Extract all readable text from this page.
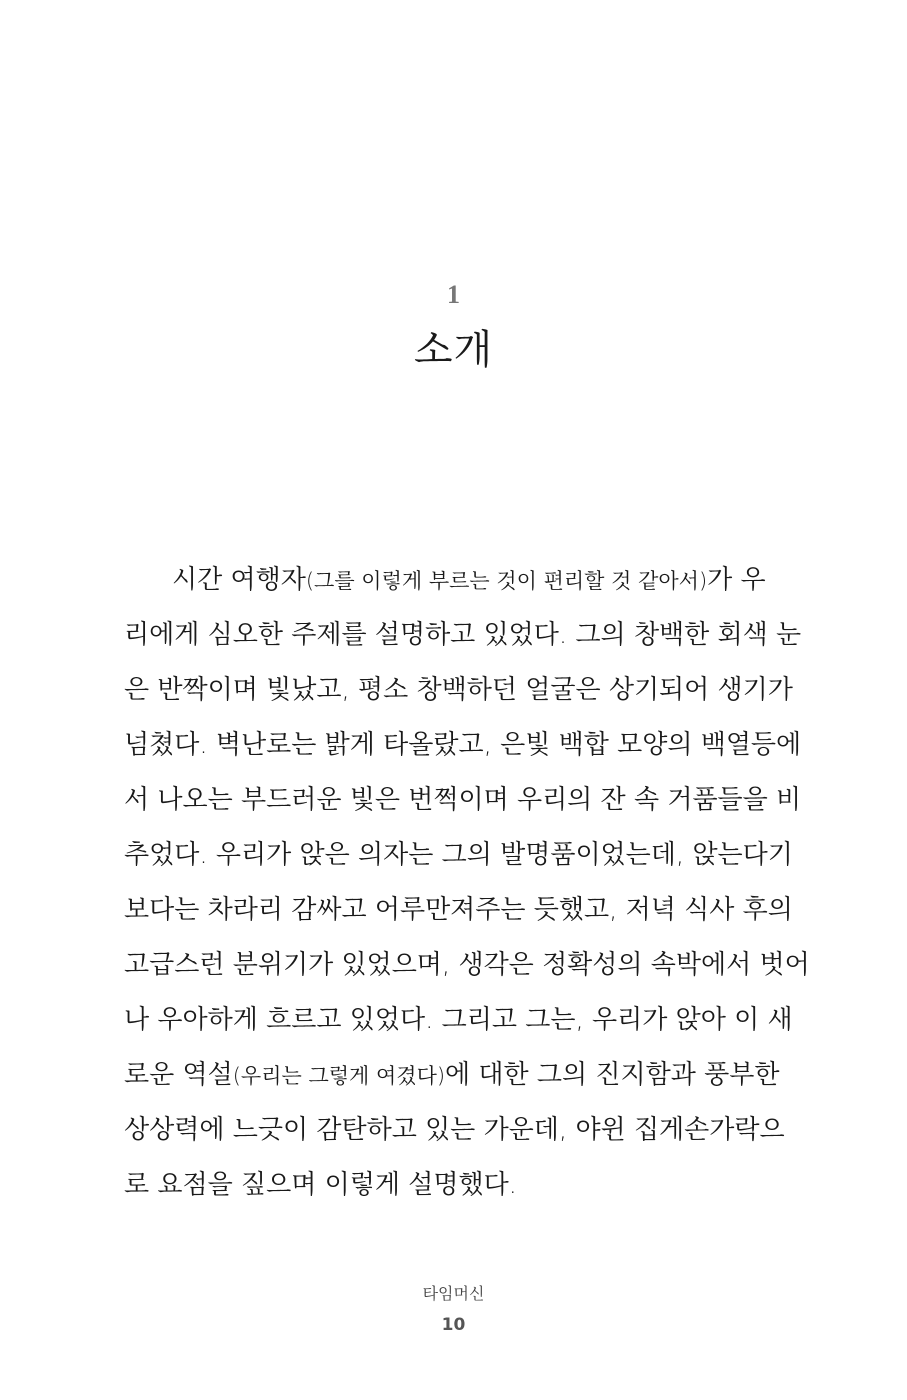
1
소개
시간 여행자(그를 이렇게 부르는 것이 편리할 것 같아서)가 우
리에게 심오한 주제를 설명하고 있었다. 그의 창백한 회색 눈
은 반짝이며 빛났고, 평소 창백하던 얼굴은 상기되어 생기가
넘쳤다. 벽난로는 밝게 타올랐고, 은빛 백합 모양의 백열등에
서 나오는 부드러운 빛은 번쩍이며 우리의 잔 속 거품들을 비
추었다. 우리가 앉은 의자는 그의 발명품이었는데, 앉는다기
보다는 차라리 감싸고 어루만져주는 듯했고, 저녁 식사 후의
고급스런 분위기가 있었으며, 생각은 정확성의 속박에서 벗어
나 우아하게 흐르고 있었다. 그리고 그는, 우리가 앉아 이 새
로운 역설(우리는 그렇게 여겼다)에 대한 그의 진지함과 풍부한
상상력에 느긋이 감탄하고 있는 가운데, 야윈 집게손가락으
로 요점을 짚으며 이렇게 설명했다.
타임머신
10
